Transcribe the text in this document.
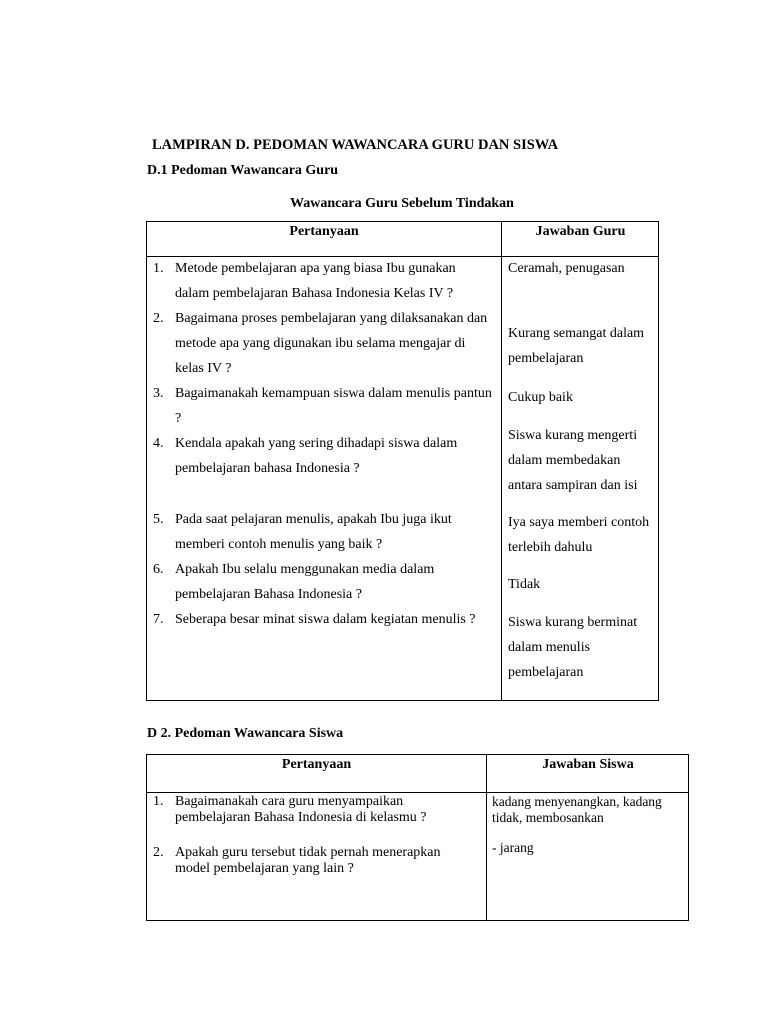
LAMPIRAN D. PEDOMAN WAWANCARA GURU DAN SISWA
D.1 Pedoman Wawancara Guru
Wawancara Guru Sebelum Tindakan
Pertanyaan	Jawaban Guru
1. Metode pembelajaran apa yang biasa Ibu gunakan dalam pembelajaran Bahasa Indonesia Kelas IV ?
2. Bagaimana proses pembelajaran yang dilaksanakan dan metode apa yang digunakan ibu selama mengajar di kelas IV ?
3. Bagaimanakah kemampuan siswa dalam menulis pantun ?
4. Kendala apakah yang sering dihadapi siswa dalam pembelajaran bahasa Indonesia ?
5. Pada saat pelajaran menulis, apakah Ibu juga ikut memberi contoh menulis yang baik ?
6. Apakah Ibu selalu menggunakan media dalam pembelajaran Bahasa Indonesia ?
7. Seberapa besar minat siswa dalam kegiatan menulis ?
Ceramah, penugasan
Kurang semangat dalam pembelajaran
Cukup baik
Siswa kurang mengerti dalam membedakan antara sampiran dan isi
Iya saya memberi contoh terlebih dahulu
Tidak
Siswa kurang berminat dalam menulis pembelajaran
D 2. Pedoman Wawancara Siswa
Pertanyaan	Jawaban Siswa
1. Bagaimanakah cara guru menyampaikan pembelajaran Bahasa Indonesia di kelasmu ?
2. Apakah guru tersebut tidak pernah menerapkan model pembelajaran yang lain ?
kadang menyenangkan, kadang tidak, membosankan
- jarang
